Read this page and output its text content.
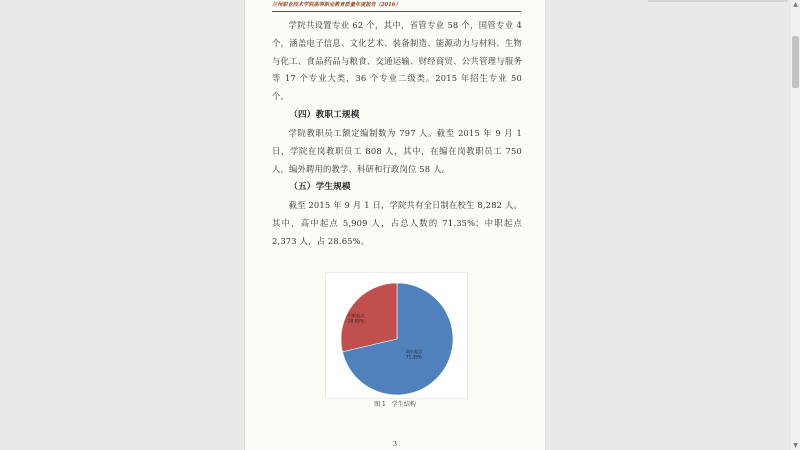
兰州职业技术学院高等职业教育质量年度报告（2016）

学院共设置专业 62 个，其中，省管专业 58 个，国管专业 4 个，涵盖电子信息、文化艺术、装备制造、能源动力与材料、生物与化工、食品药品与粮食、交通运输、财经商贸、公共管理与服务等 17 个专业大类，36 个专业二级类。2015 年招生专业 50 个。

（四）教职工规模

学院教职员工额定编制数为 797 人。截至 2015 年 9 月 1 日，学院在岗教职员工 808 人，其中，在编在岗教职员工 750 人，编外聘用的教学、科研和行政岗位 58 人。

（五）学生规模

截至 2015 年 9 月 1 日，学院共有全日制在校生 8,282 人。其中，高中起点 5,909 人，占总人数的 71.35%；中职起点 2,373 人，占 28.65%。

高中起点
71.35%
中职起点
28.65%
图 1　学生结构
3
▲
▼
